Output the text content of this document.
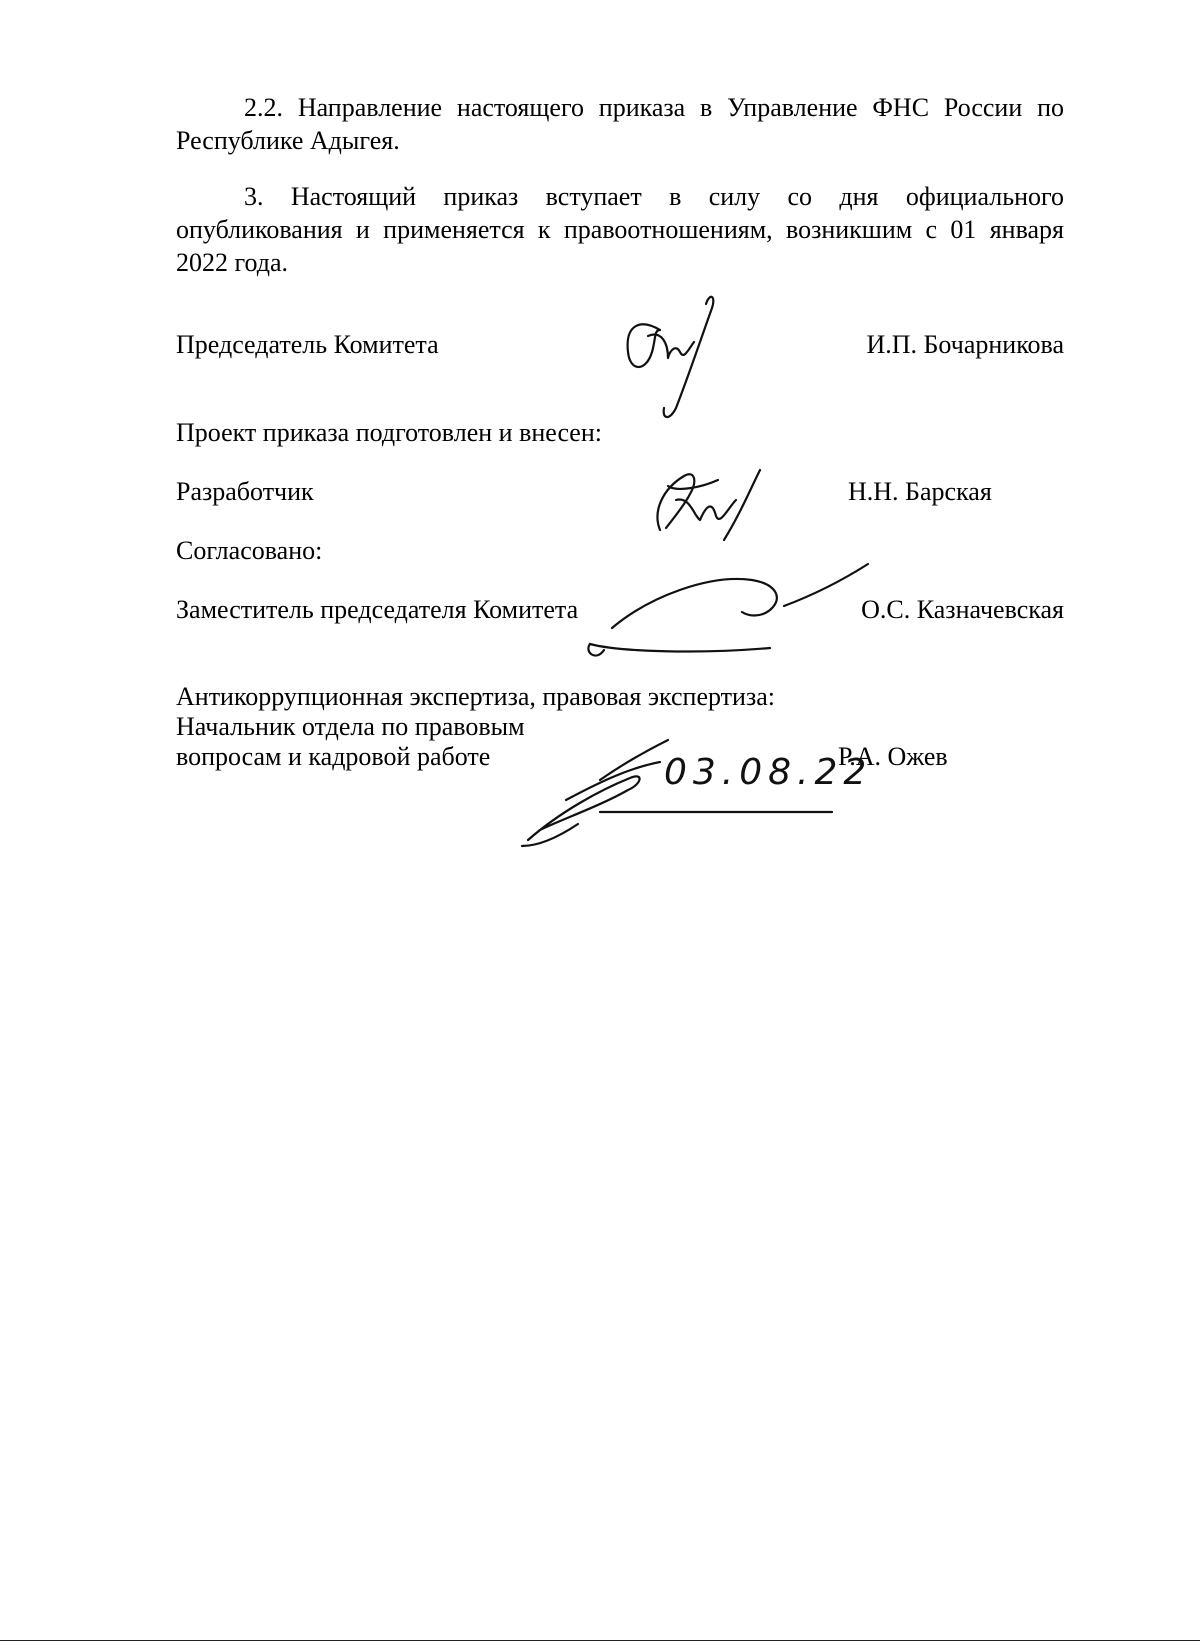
2.2. Направление настоящего приказа в Управление ФНС России по Республике Адыгея.

3. Настоящий приказ вступает в силу со дня официального опубликования и применяется к правоотношениям, возникшим с 01 января 2022 года.

Председатель Комитета	И.П. Бочарникова
Проект приказа подготовлен и внесен:
Разработчик	Н.Н. Барская
Согласовано:
Заместитель председателя Комитета	О.С. Казначевская
Антикоррупционная экспертиза, правовая экспертиза:
Начальник отдела по правовым
вопросам и кадровой работе	Р.А. Ожев
03.08.22
